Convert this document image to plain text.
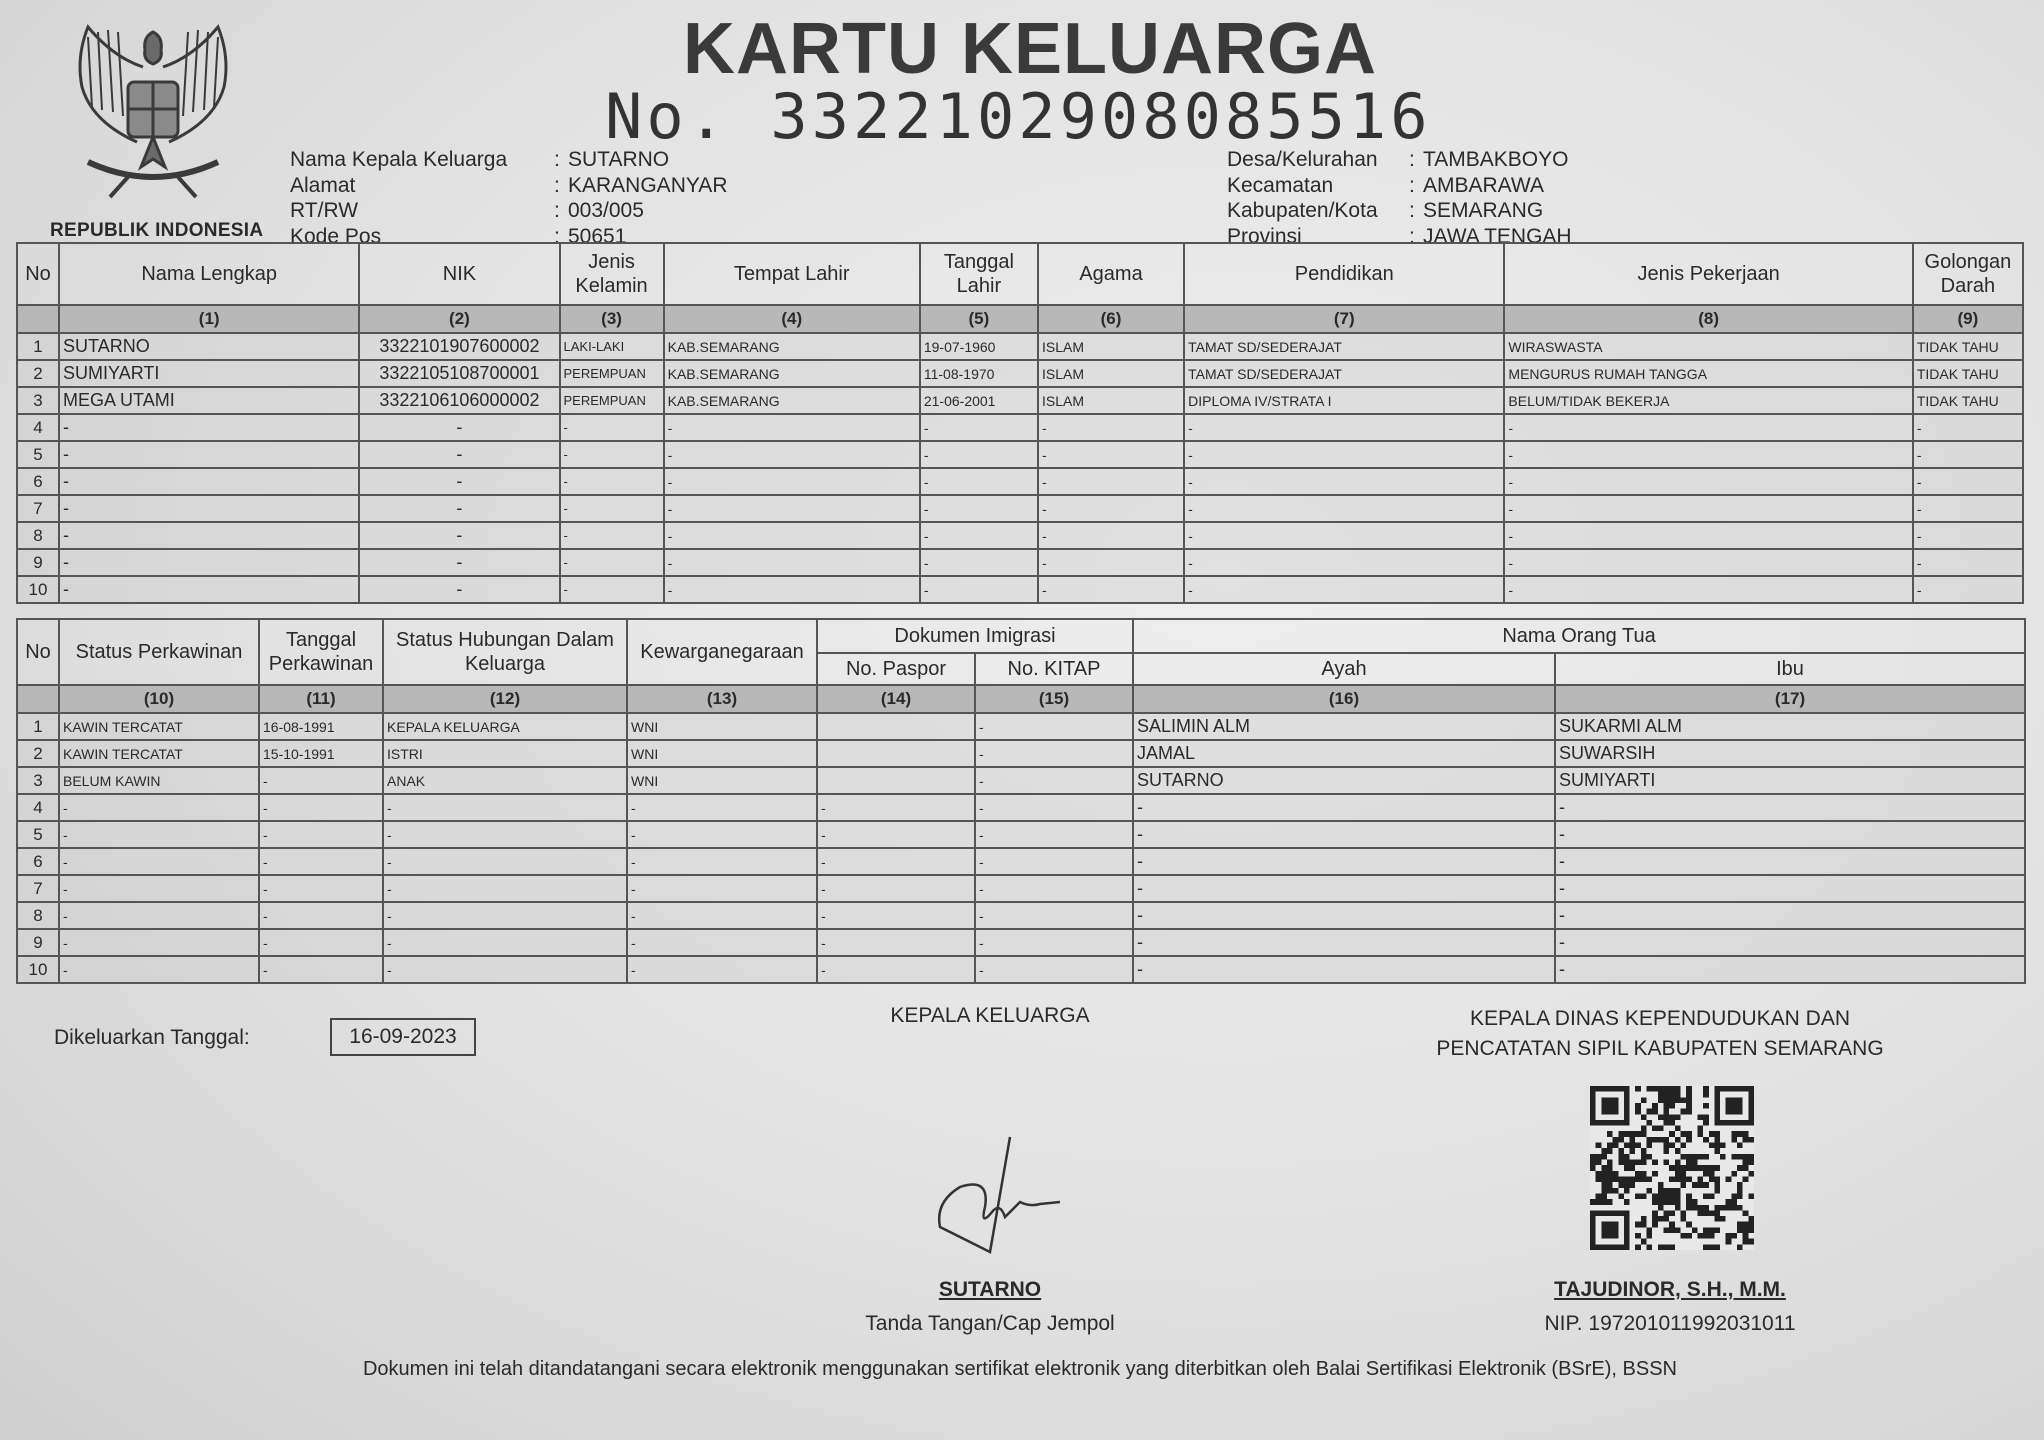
REPUBLIK INDONESIA
KARTU KELUARGA
No. 3322102908085516
Nama Kepala Keluarga	:	SUTARNO
Alamat	:	KARANGANYAR
RT/RW	:	003/005
Kode Pos	:	50651
Desa/Kelurahan	:	TAMBAKBOYO
Kecamatan	:	AMBARAWA
Kabupaten/Kota	:	SEMARANG
Provinsi	:	JAWA TENGAH
No	Nama Lengkap	NIK	Jenis Kelamin	Tempat Lahir	Tanggal Lahir	Agama	Pendidikan	Jenis Pekerjaan	Golongan Darah
	(1)	(2)	(3)	(4)	(5)	(6)	(7)	(8)	(9)
1	SUTARNO	3322101907600002	LAKI-LAKI	KAB.SEMARANG	19-07-1960	ISLAM	TAMAT SD/SEDERAJAT	WIRASWASTA	TIDAK TAHU
2	SUMIYARTI	3322105108700001	PEREMPUAN	KAB.SEMARANG	11-08-1970	ISLAM	TAMAT SD/SEDERAJAT	MENGURUS RUMAH TANGGA	TIDAK TAHU
3	MEGA UTAMI	3322106106000002	PEREMPUAN	KAB.SEMARANG	21-06-2001	ISLAM	DIPLOMA IV/STRATA I	BELUM/TIDAK BEKERJA	TIDAK TAHU
4	-	-	-	-	-	-	-	-	-
5	-	-	-	-	-	-	-	-	-
6	-	-	-	-	-	-	-	-	-
7	-	-	-	-	-	-	-	-	-
8	-	-	-	-	-	-	-	-	-
9	-	-	-	-	-	-	-	-	-
10	-	-	-	-	-	-	-	-	-
No	Status Perkawinan	Tanggal Perkawinan	Status Hubungan Dalam Keluarga	Kewarganegaraan	Dokumen Imigrasi		Nama Orang Tua	
					No. Paspor	No. KITAP	Ayah	Ibu
	(10)	(11)	(12)	(13)	(14)	(15)	(16)	(17)
1	KAWIN TERCATAT	16-08-1991	KEPALA KELUARGA	WNI		-	SALIMIN ALM	SUKARMI ALM
2	KAWIN TERCATAT	15-10-1991	ISTRI	WNI		-	JAMAL	SUWARSIH
3	BELUM KAWIN	-	ANAK	WNI		-	SUTARNO	SUMIYARTI
4	-	-	-	-	-	-	-	-
5	-	-	-	-	-	-	-	-
6	-	-	-	-	-	-	-	-
7	-	-	-	-	-	-	-	-
8	-	-	-	-	-	-	-	-
9	-	-	-	-	-	-	-	-
10	-	-	-	-	-	-	-	-
Dikeluarkan Tanggal:	16-09-2023
KEPALA KELUARGA	KEPALA DINAS KEPENDUDUKAN DAN
PENCATATAN SIPIL KABUPATEN SEMARANG
SUTARNO
Tanda Tangan/Cap Jempol
TAJUDINOR, S.H., M.M.
NIP. 197201011992031011
Dokumen ini telah ditandatangani secara elektronik menggunakan sertifikat elektronik yang diterbitkan oleh Balai Sertifikasi Elektronik (BSrE), BSSN
